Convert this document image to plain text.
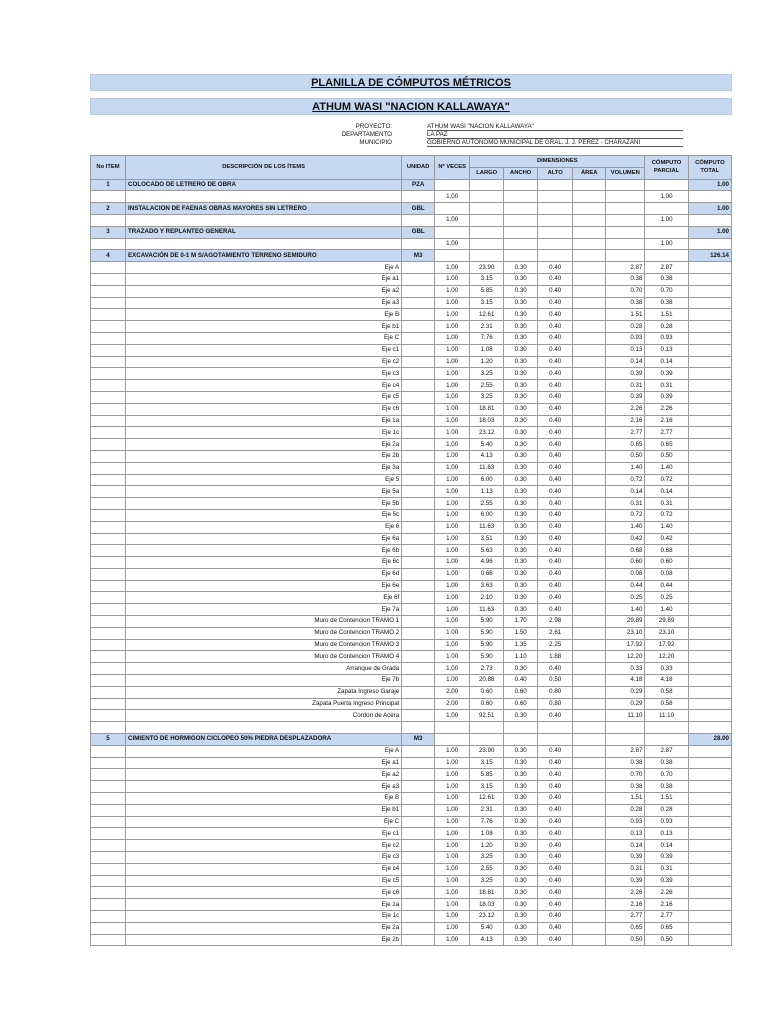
PLANILLA DE CÓMPUTOS MÉTRICOS
ATHUM WASI "NACION KALLAWAYA"
PROYECTO:
DEPARTAMENTO
MUNICIPIO
ATHUM WASI "NACION KALLAWAYA"
LA PAZ
GOBIERNO AUTÓNOMO MUNICIPAL DE GRAL. J. J. PEREZ - CHARAZANI
No ITEM	DESCRIPCIÓN DE LOS ÍTEMS	UNIDAD	Nº VECES	DIMENSIONES					CÓMPUTO PARCIAL	CÓMPUTO TOTAL
				LARGO	ANCHO	ALTO	ÁREA	VOLUMEN		
1	COLOCADO DE LETRERO DE OBRA	PZA								1.00
			1.00						1.00	
2	INSTALACION DE FAENAS OBRAS MAYORES SIN LETRERO	GBL								1.00
			1.00						1.00	
3	TRAZADO Y REPLANTEO GENERAL	GBL								1.00
			1.00						1.00	
4	EXCAVACIÓN DE 0-1 M S/AGOTAMIENTO TERRENO SEMIDURO	M3								126.14
	Eje A		1.00	23.90	0.30	0.40		2.87	2.87	
	Eje a1		1.00	3.15	0.30	0.40		0.38	0.38	
	Eje a2		1.00	5.85	0.30	0.40		0.70	0.70	
	Eje a3		1.00	3.15	0.30	0.40		0.38	0.38	
	Eje B		1.00	12.61	0.30	0.40		1.51	1.51	
	Eje b1		1.00	2.31	0.30	0.40		0.28	0.28	
	Eje C		1.00	7.76	0.30	0.40		0.93	0.93	
	Eje c1		1.00	1.08	0.30	0.40		0.13	0.13	
	Eje c2		1.00	1.20	0.30	0.40		0.14	0.14	
	Eje c3		1.00	3.25	0.30	0.40		0.39	0.39	
	Eje c4		1.00	2.55	0.30	0.40		0.31	0.31	
	Eje c5		1.00	3.25	0.30	0.40		0.39	0.39	
	Eje c6		1.00	18.81	0.30	0.40		2.26	2.26	
	Eje 1a		1.00	18.03	0.30	0.40		2.16	2.16	
	Eje 1c		1.00	23.12	0.30	0.40		2.77	2.77	
	Eje 2a		1.00	5.40	0.30	0.40		0.65	0.65	
	Eje 2b		1.00	4.13	0.30	0.40		0.50	0.50	
	Eje 3a		1.00	11.63	0.30	0.40		1.40	1.40	
	Eje 5		1.00	6.00	0.30	0.40		0.72	0.72	
	Eje 5a		1.00	1.13	0.30	0.40		0.14	0.14	
	Eje 5b		1.00	2.55	0.30	0.40		0.31	0.31	
	Eje 5c		1.00	6.00	0.30	0.40		0.72	0.72	
	Eje 6		1.00	11.63	0.30	0.40		1.40	1.40	
	Eje 6a		1.00	3.51	0.30	0.40		0.42	0.42	
	Eje 6b		1.00	5.63	0.30	0.40		0.68	0.68	
	Eje 6c		1.00	4.96	0.30	0.40		0.60	0.60	
	Eje 6d		1.00	0.66	0.30	0.40		0.08	0.08	
	Eje 6e		1.00	3.63	0.30	0.40		0.44	0.44	
	Eje 6f		1.00	2.10	0.30	0.40		0.25	0.25	
	Eje 7a		1.00	11.63	0.30	0.40		1.40	1.40	
	Muro de Contencion TRAMO 1		1.00	5.90	1.70	2.98		29.89	29.89	
	Muro de Contencion TRAMO 2		1.00	5.90	1.50	2.61		23.10	23.10	
	Muro de Contencion TRAMO 3		1.00	5.90	1.35	2.25		17.92	17.92	
	Muro de Contencion TRAMO 4		1.00	5.90	1.10	1.88		12.20	12.20	
	Arranque de Grada		1.00	2.73	0.30	0.40		0.33	0.33	
	Eje 7b		1.00	20.88	0.40	0.50		4.18	4.18	
	Zapata Ingreso Garaje		2.00	0.60	0.60	0.80		0.29	0.58	
	Zapata Puerta Ingreso Principal		2.00	0.60	0.60	0.80		0.29	0.58	
	Cordon de Acera		1.00	92.51	0.30	0.40		11.10	11.10	

5	CIMIENTO DE HORMIGON CICLOPEO 50% PIEDRA DESPLAZADORA	M3								28.00
	Eje A		1.00	23.90	0.30	0.40		2.87	2.87	
	Eje a1		1.00	3.15	0.30	0.40		0.38	0.38	
	Eje a2		1.00	5.85	0.30	0.40		0.70	0.70	
	Eje a3		1.00	3.15	0.30	0.40		0.38	0.38	
	Eje B		1.00	12.61	0.30	0.40		1.51	1.51	
	Eje b1		1.00	2.31	0.30	0.40		0.28	0.28	
	Eje C		1.00	7.76	0.30	0.40		0.93	0.93	
	Eje c1		1.00	1.08	0.30	0.40		0.13	0.13	
	Eje c2		1.00	1.20	0.30	0.40		0.14	0.14	
	Eje c3		1.00	3.25	0.30	0.40		0.39	0.39	
	Eje c4		1.00	2.55	0.30	0.40		0.31	0.31	
	Eje c5		1.00	3.25	0.30	0.40		0.39	0.39	
	Eje c6		1.00	18.81	0.30	0.40		2.26	2.26	
	Eje 1a		1.00	18.03	0.30	0.40		2.16	2.16	
	Eje 1c		1.00	23.12	0.30	0.40		2.77	2.77	
	Eje 2a		1.00	5.40	0.30	0.40		0.65	0.65	
	Eje 2b		1.00	4.13	0.30	0.40		0.50	0.50	
